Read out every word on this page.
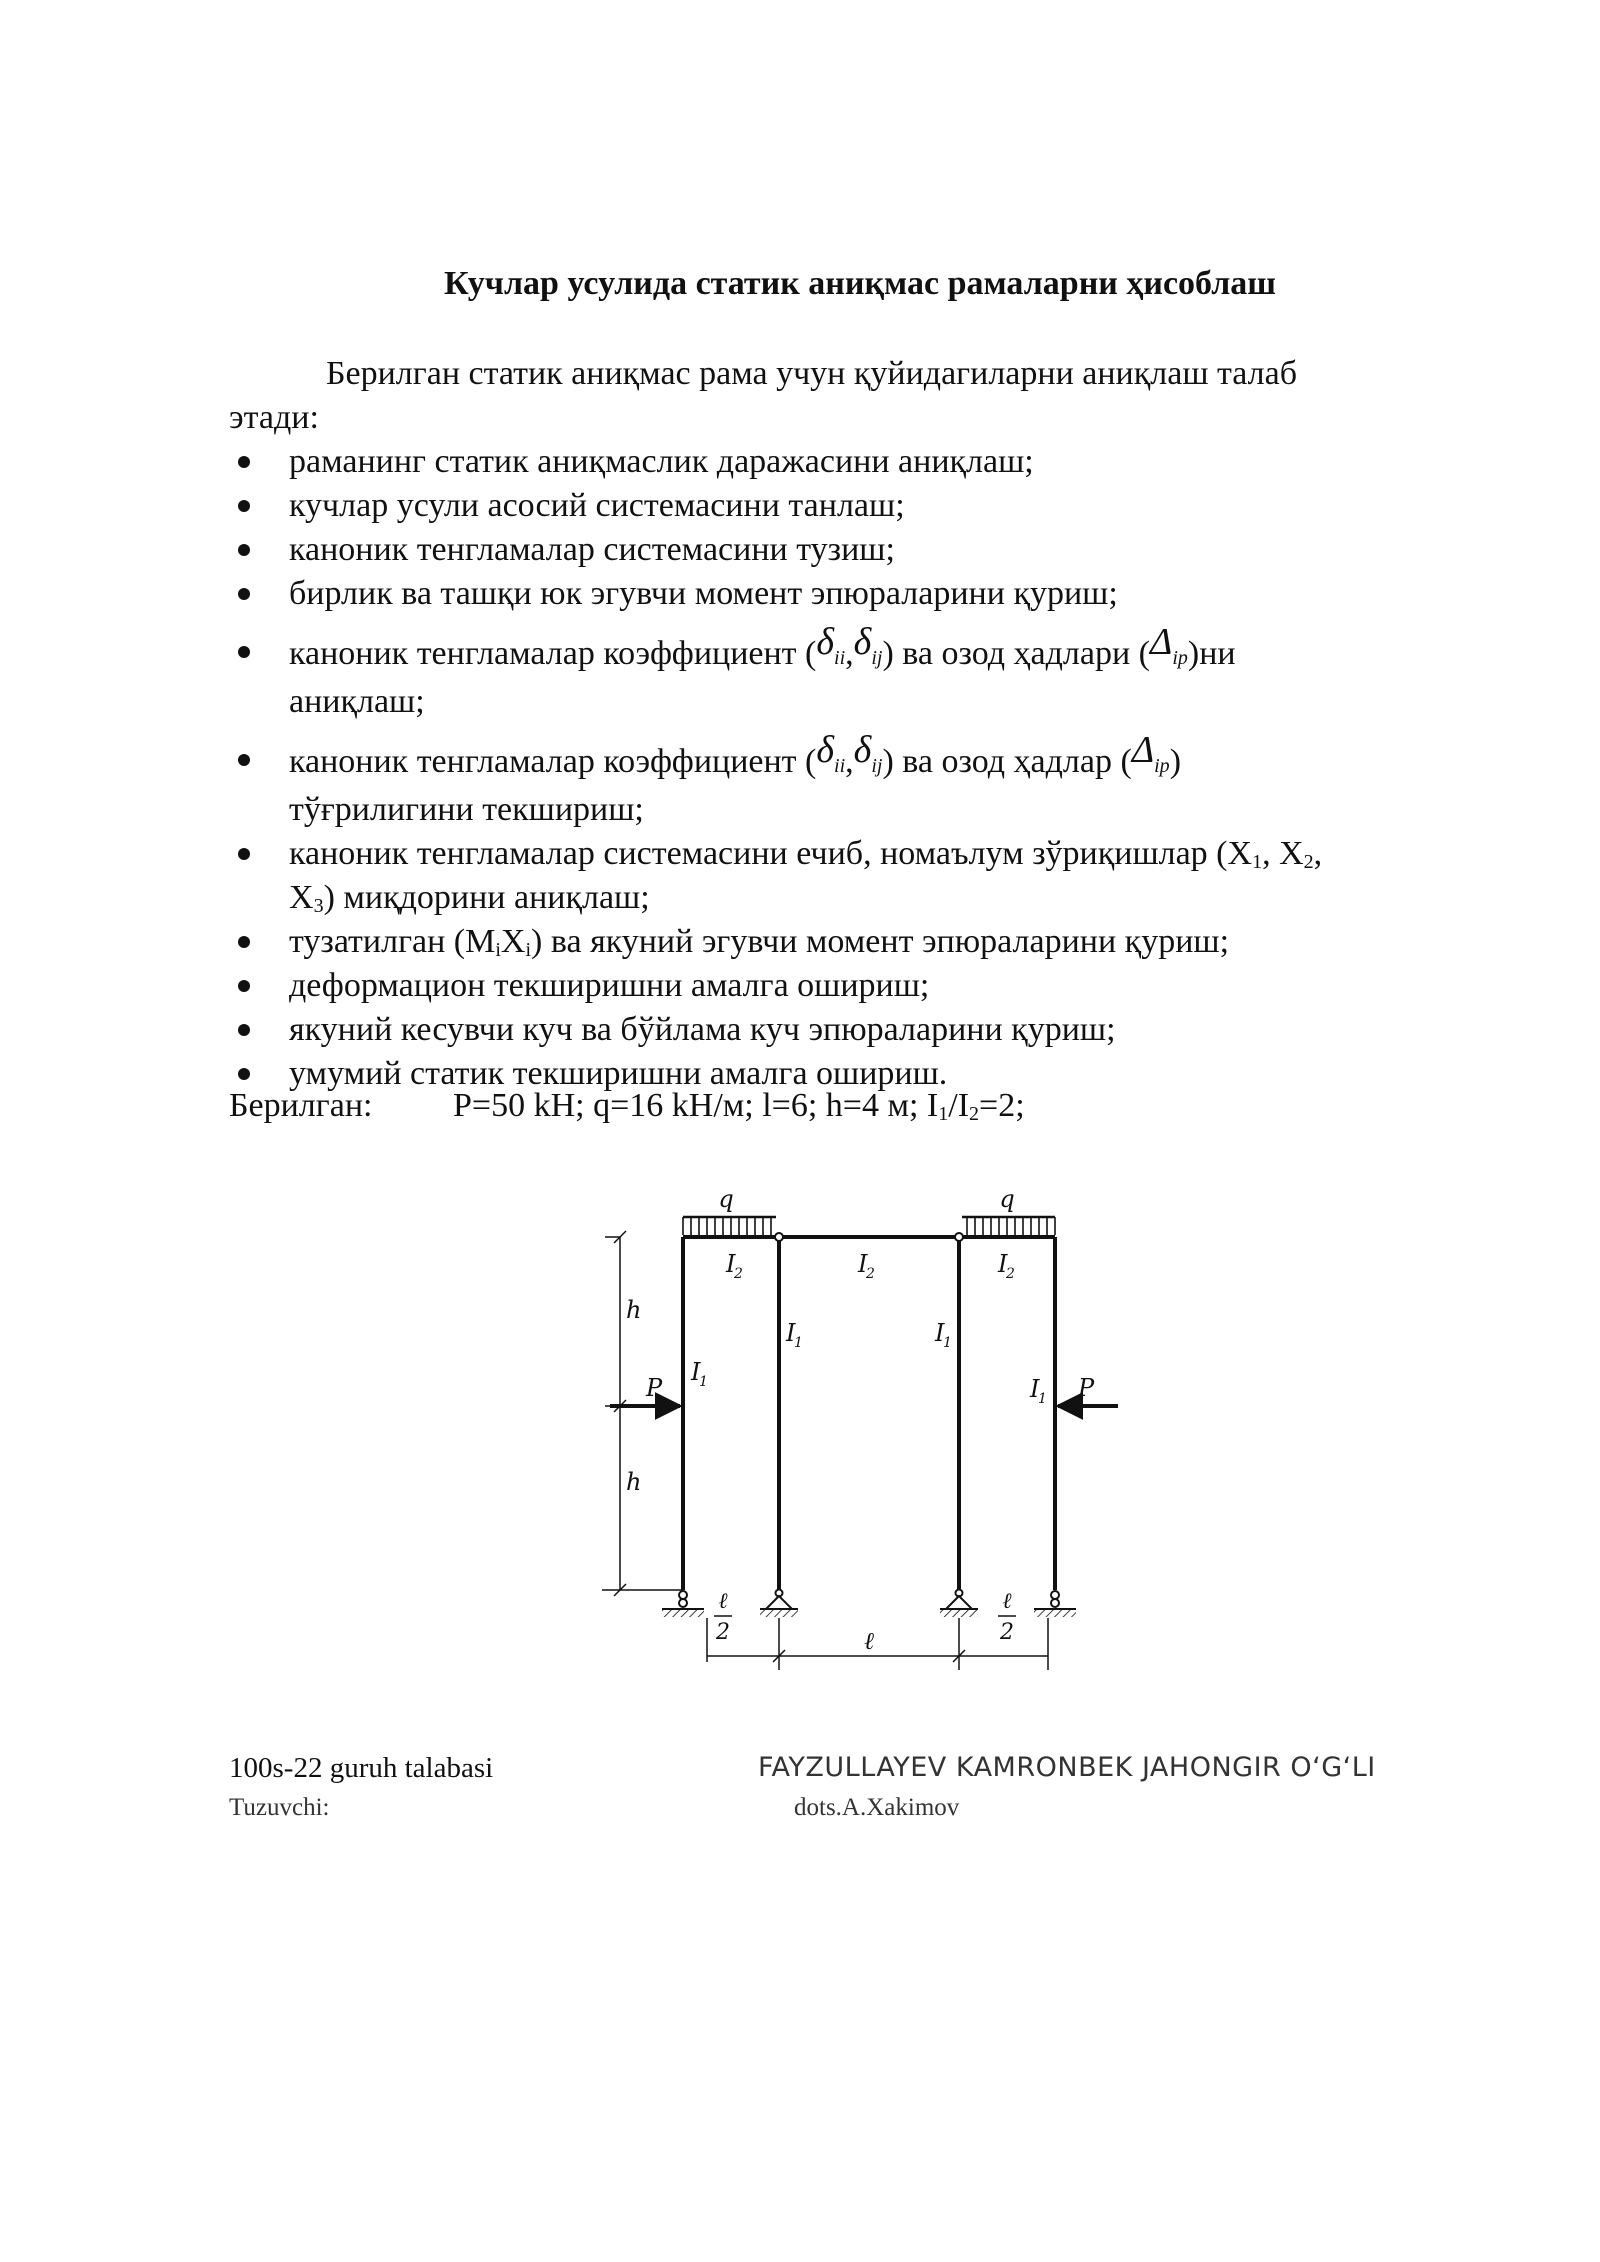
Кучлар усулида статик аниқмас рамаларни ҳисоблаш
Берилган статик аниқмас рама учун қуйидагиларни аниқлаш талаб
этади:
раманинг статик аниқмаслик даражасини аниқлаш;
кучлар усули асосий системасини танлаш;
каноник тенгламалар системасини тузиш;
бирлик ва ташқи юк эгувчи момент эпюраларини қуриш;
каноник тенгламалар коэффициент (δii,δij) ва озод ҳадлари (Δip)ни
аниқлаш;
каноник тенгламалар коэффициент (δii,δij) ва озод ҳадлар (Δip)
тўғрилигини текшириш;
каноник тенгламалар системасини ечиб, номаълум зўриқишлар ($X_1$, $X_2$,
$X_3$) миқдорини аниқлаш;
тузатилган $(M_iX_i)$ ва якуний эгувчи момент эпюраларини қуриш;
деформацион текширишни амалга ошириш;
якуний кесувчи куч ва бўйлама куч эпюраларини қуриш;
умумий статик текширишни амалга ошириш.
Берилган: P=50 kH; q=16 kH/м; l=6; h=4 м; $I_1/I_2=2$;
q	q
I
2	I
2	I
2
I
1
I
1	I
1
I
1
P	P
h
h
ℓ
2	ℓ
ℓ
2
100s-22 guruh talabasi	FAYZULLAYEV KAMRONBEK JAHONGIR O‘G‘LI
Tuzuvchi:	dots.A.Xakimov
